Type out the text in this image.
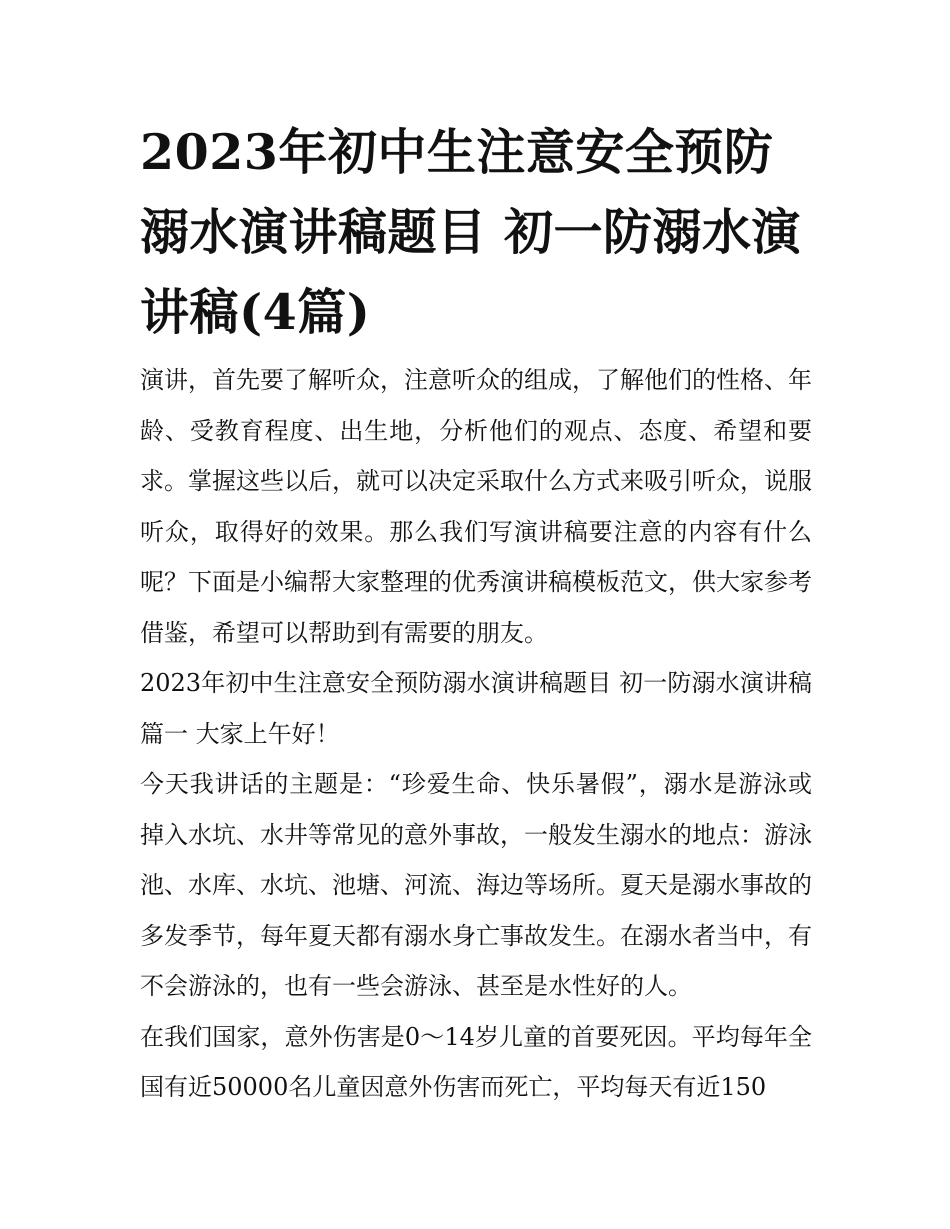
2023年初中生注意安全预防溺水演讲稿题目 初一防溺水演讲稿(4篇)

演讲，首先要了解听众，注意听众的组成，了解他们的性格、年龄、受教育程度、出生地，分析他们的观点、态度、希望和要求。掌握这些以后，就可以决定采取什么方式来吸引听众，说服听众，取得好的效果。那么我们写演讲稿要注意的内容有什么呢？下面是小编帮大家整理的优秀演讲稿模板范文，供大家参考借鉴，希望可以帮助到有需要的朋友。

2023年初中生注意安全预防溺水演讲稿题目 初一防溺水演讲稿篇一 大家上午好！

今天我讲话的主题是：“珍爱生命、快乐暑假”，溺水是游泳或掉入水坑、水井等常见的意外事故，一般发生溺水的地点：游泳池、水库、水坑、池塘、河流、海边等场所。夏天是溺水事故的多发季节，每年夏天都有溺水身亡事故发生。在溺水者当中，有不会游泳的，也有一些会游泳、甚至是水性好的人。

在我们国家，意外伤害是0～14岁儿童的首要死因。平均每年全国有近50000名儿童因意外伤害而死亡，平均每天有近150
